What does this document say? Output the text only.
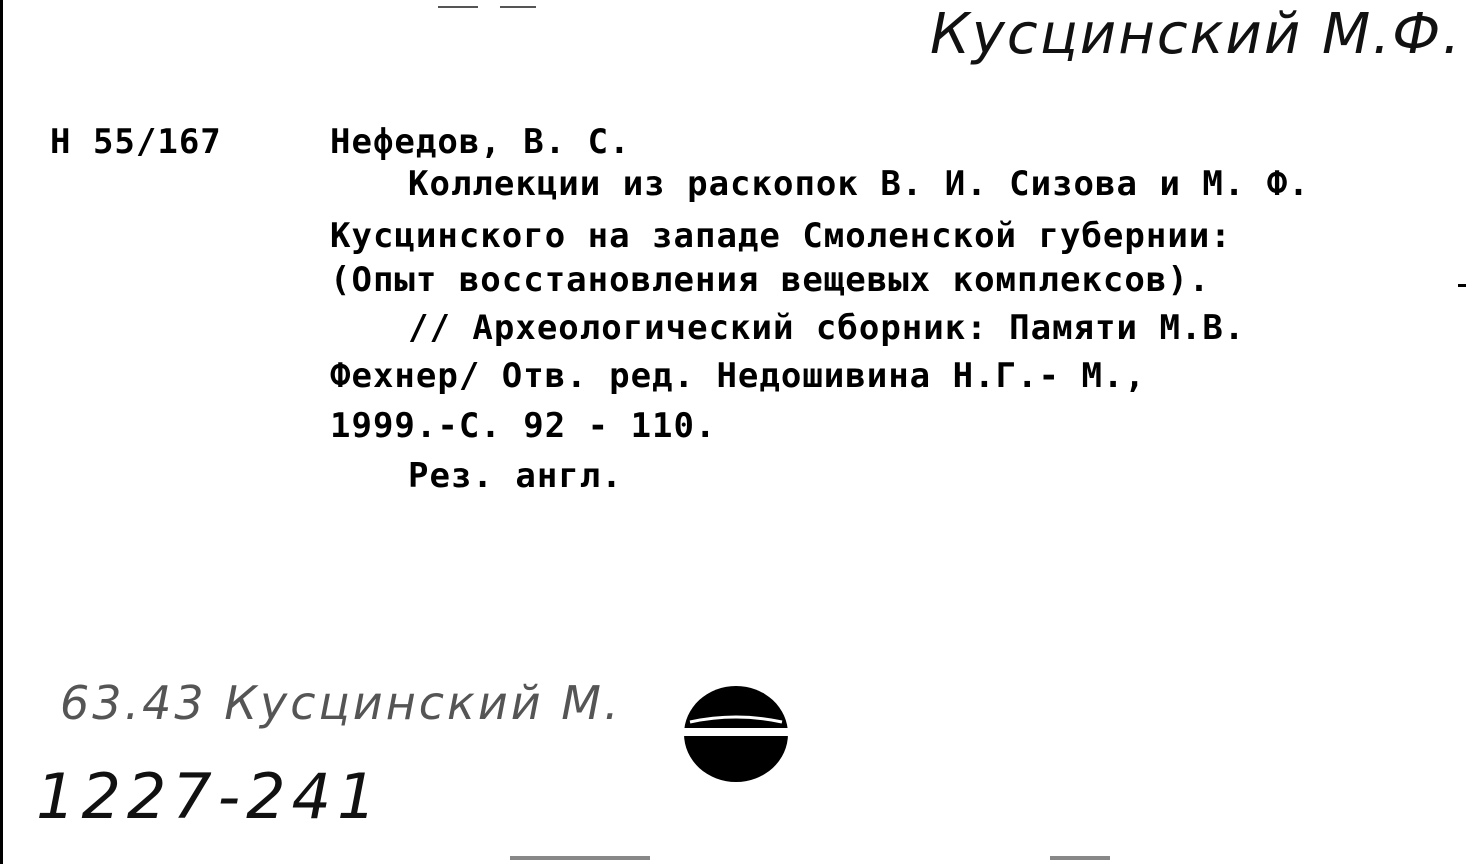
Кусцинский М.Ф.
Н 55/167	Нефедов, В. С.
Коллекции из раскопок В. И. Сизова и М. Ф.
Кусцинского на западе Смоленской губернии:
(Опыт восстановления вещевых комплексов).
// Археологический сборник: Памяти М.В.
Фехнер/ Отв. ред. Недошивина Н.Г.- М.,
1999.-С. 92 - 110.
Рез. англ.
63.43 Кусцинский М.
1227-241
